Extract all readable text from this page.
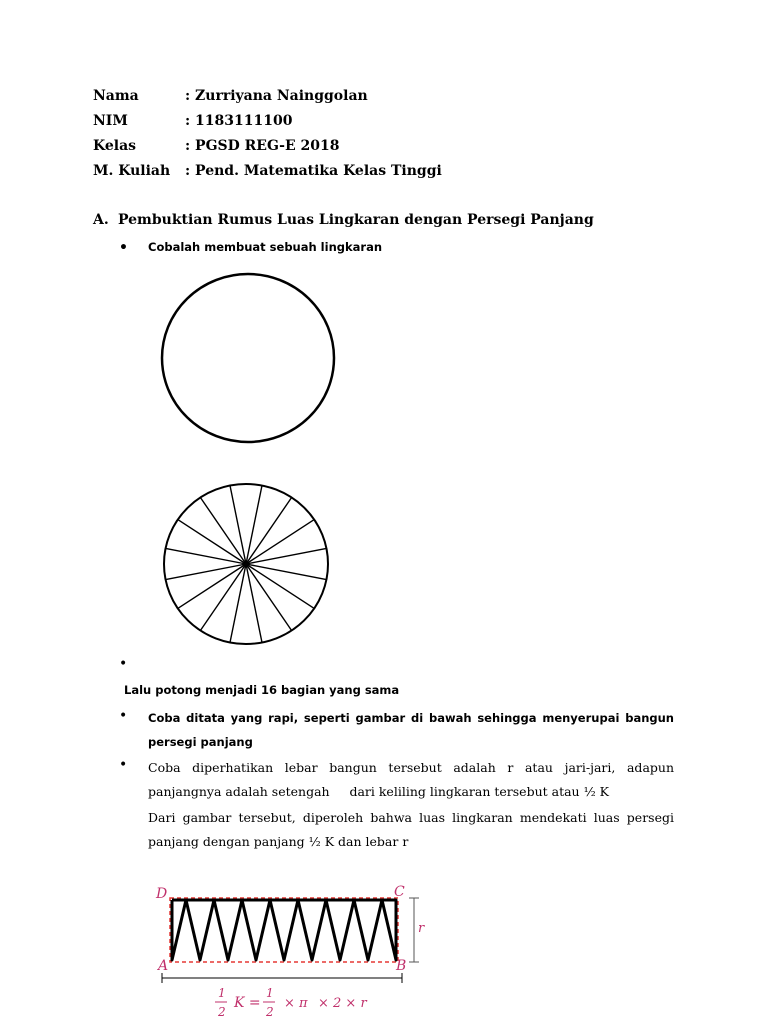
Nama	: Zurriyana Nainggolan
NIM	: 1183111100
Kelas	: PGSD REG-E 2018
M. Kuliah	: Pend. Matematika Kelas Tinggi
A. Pembuktian Rumus Luas Lingkaran dengan Persegi Panjang
• Cobalah membuat sebuah lingkaran
•
Lalu potong menjadi 16 bagian yang sama
• Coba ditata yang rapi, seperti gambar di bawah sehingga menyerupai bangun persegi panjang
• Coba diperhatikan lebar bangun tersebut adalah r atau jari-jari, adapun panjangnya adalah setengah     dari keliling lingkaran tersebut atau ½ K
Dari gambar tersebut, diperoleh bahwa luas lingkaran mendekati luas persegi panjang dengan panjang ½ K dan lebar r
D	C
A	B
r
1
2
K =
1
2
× π × 2 × r
